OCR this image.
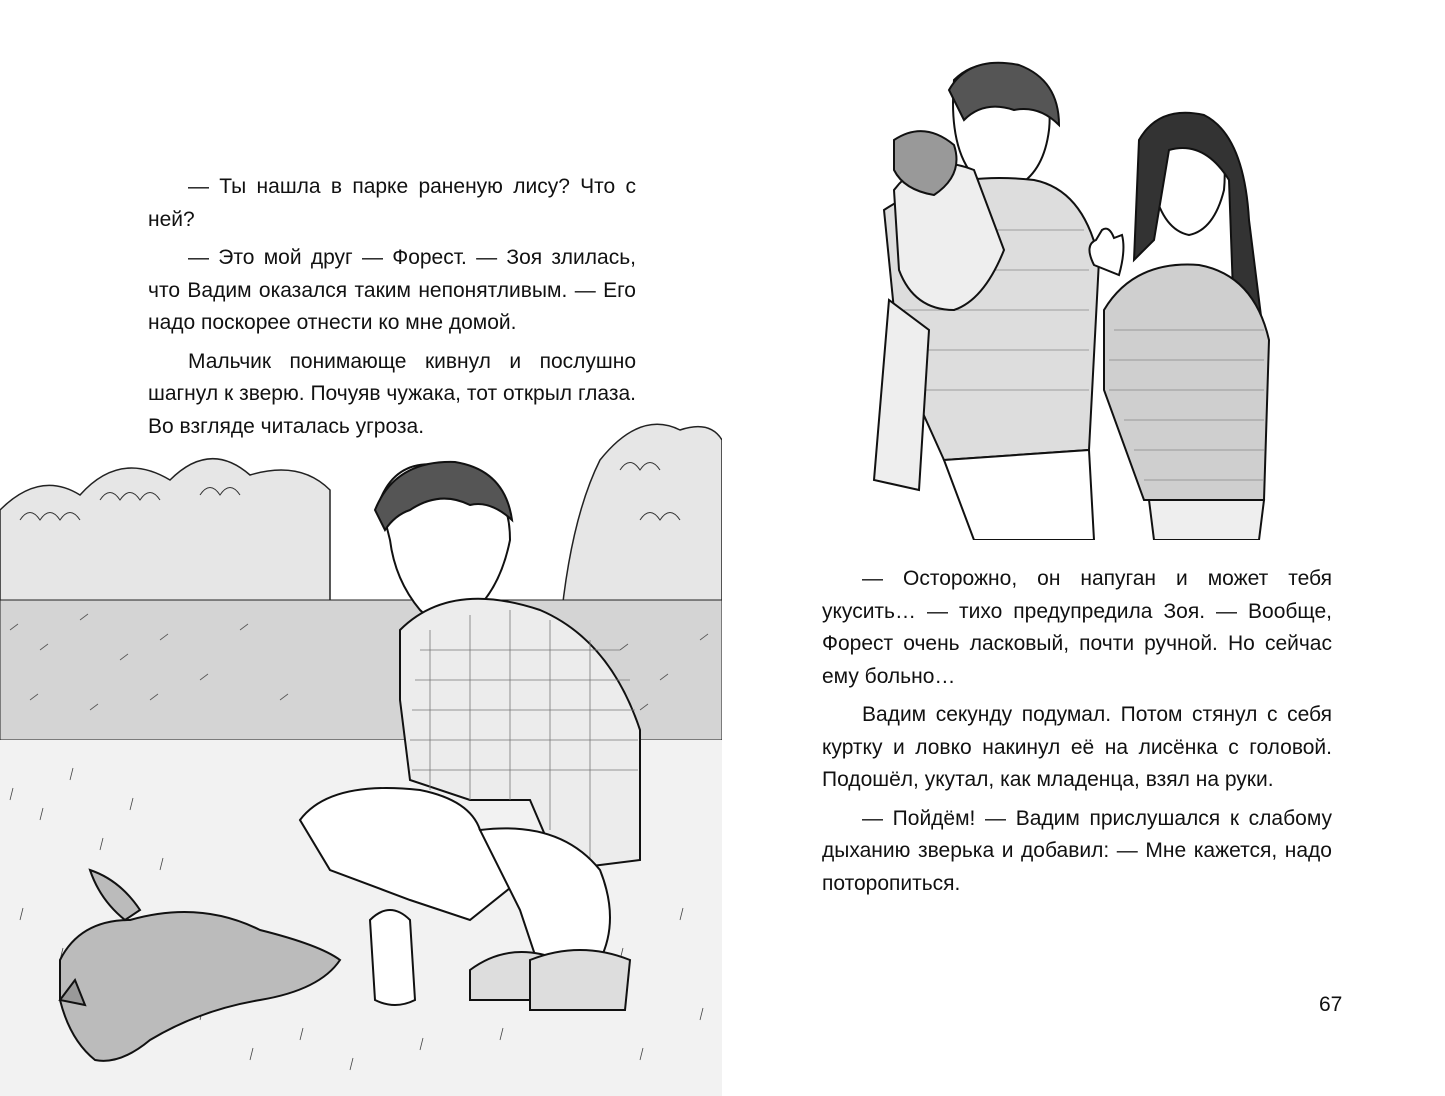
— Ты нашла в парке раненую лису? Что с ней?

— Это мой друг — Форест. — Зоя злилась, что Вадим оказался таким непонятливым. — Его надо поскорее отнести ко мне домой.

Мальчик понимающе кивнул и послушно шагнул к зверю. Почуяв чужака, тот открыл глаза. Во взгляде читалась угроза.

— Осторожно, он напуган и может тебя укусить… — тихо предупредила Зоя. — Вообще, Форест очень ласковый, почти ручной. Но сейчас ему больно…

Вадим секунду подумал. Потом стянул с себя куртку и ловко накинул её на лисёнка с головой. Подошёл, укутал, как младенца, взял на руки.

— Пойдём! — Вадим прислушался к слабому дыханию зверька и добавил: — Мне кажется, надо поторопиться.

67
